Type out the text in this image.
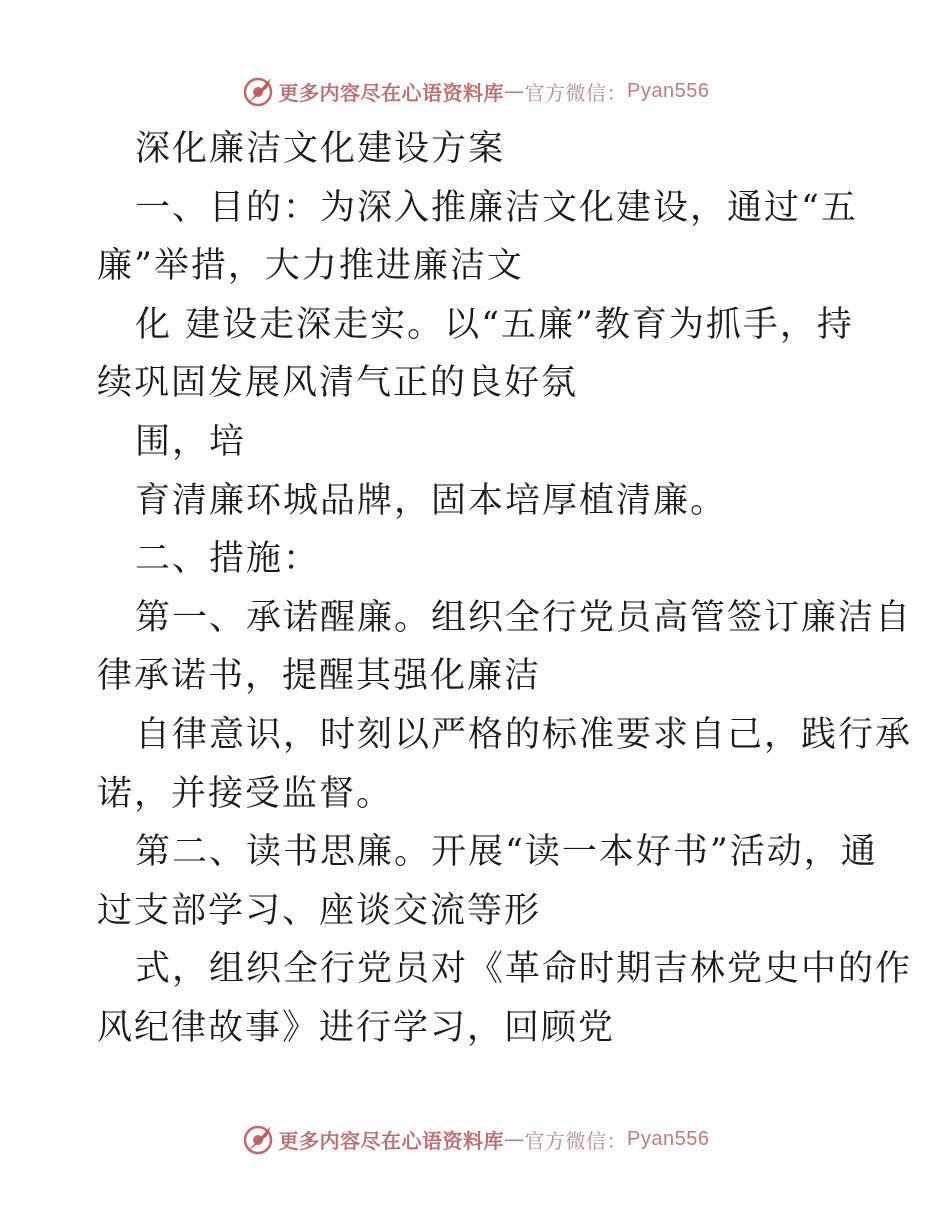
更多内容尽在心语资料库 — 官方微信： Pyan556
深化廉洁文化建设方案
一、目的：为深入推廉洁文化建设，通过“五
廉”举措，大力推进廉洁文
化 建设走深走实。以“五廉”教育为抓手，持
续巩固发展风清气正的良好氛
围，培
育清廉环城品牌，固本培厚植清廉。
二、措施：
第一、承诺醒廉。组织全行党员高管签订廉洁自
律承诺书，提醒其强化廉洁
自律意识，时刻以严格的标准要求自己，践行承
诺，并接受监督。
第二、读书思廉。开展“读一本好书”活动，通
过支部学习、座谈交流等形
式，组织全行党员对《革命时期吉林党史中的作
风纪律故事》进行学习，回顾党
更多内容尽在心语资料库 — 官方微信： Pyan556
